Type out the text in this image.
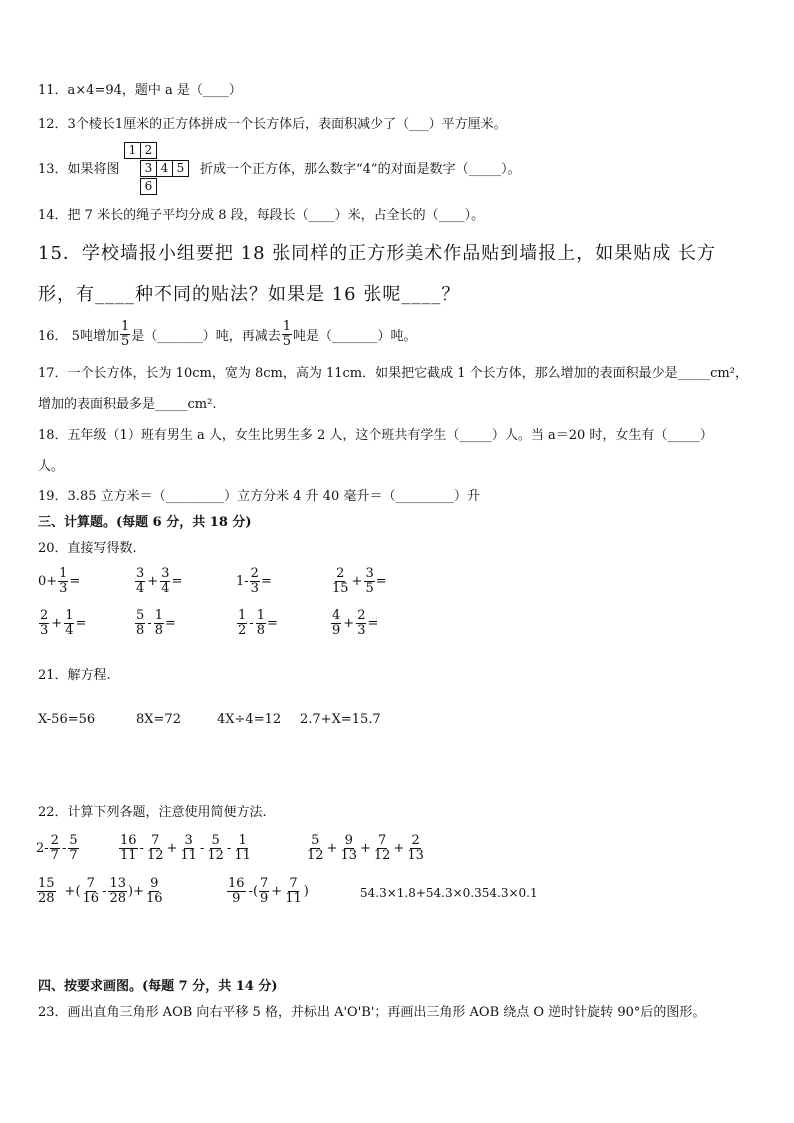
11．a×4=94，题中 a 是（____）
12．3个棱长1厘米的正方体拼成一个长方体后，表面积减少了（___）平方厘米。
13．如果将图
1 2
3 4 5
6
折成一个正方体，那么数字“4”的对面是数字（_____）。
14．把 7 米长的绳子平均分成 8 段，每段长（____）米，占全长的（____）。
15．学校墙报小组要把 18 张同样的正方形美术作品贴到墙报上，如果贴成 长方
形，有____种不同的贴法？如果是 16 张呢____？
16． 5吨增加 $\frac{1}{5}$ 是（_______）吨，再减去 $\frac{1}{5}$ 吨是（_______）吨。
17．一个长方体，长为 10cm，宽为 8cm，高为 11cm．如果把它截成 1 个长方体，那么增加的表面积最少是_____cm²，
增加的表面积最多是_____cm².
18．五年级（1）班有男生 a 人，女生比男生多 2 人，这个班共有学生（_____）人。当 a＝20 时，女生有（_____）
人。
19．3.85 立方米＝（_________）立方分米 4 升 40 毫升＝（_________）升
三、计算题。(每题 6 分，共 18 分)
20．直接写得数.
$0+ \frac{1}{3}$ =	$\frac{3}{4} + \frac{3}{4}$ =	$1- \frac{2}{3}$ =	$\frac{2}{15} + \frac{3}{5}$ =
$\frac{2}{3} + \frac{1}{4}$ =	$\frac{5}{8} - \frac{1}{8}$ =	$\frac{1}{2} - \frac{1}{8}$ =	$\frac{4}{9} + \frac{2}{3}$ =
21．解方程.
X-56=56	8X=72	4X÷4=12 2.7+X=15.7
22．计算下列各题，注意使用简便方法.
$2- \frac{2}{7} - \frac{5}{7}$	$\frac{16}{11} - \frac{7}{12} + \frac{3}{11} - \frac{5}{12} - \frac{1}{11}$	$\frac{5}{12} + \frac{9}{13} + \frac{7}{12} + \frac{2}{13}$
$\frac{15}{28}$ +( $\frac{7}{16} - \frac{13}{28}$ )+ $\frac{9}{16}$	$\frac{16}{9}$ -( $\frac{7}{9} + \frac{7}{11}$ )	54.3×1.8+54.3×0.354.3×0.1
四、按要求画图。(每题 7 分，共 14 分)
23．画出直角三角形 AOB 向右平移 5 格，并标出 A'O'B'；再画出三角形 AOB 绕点 O 逆时针旋转 90°后的图形。
